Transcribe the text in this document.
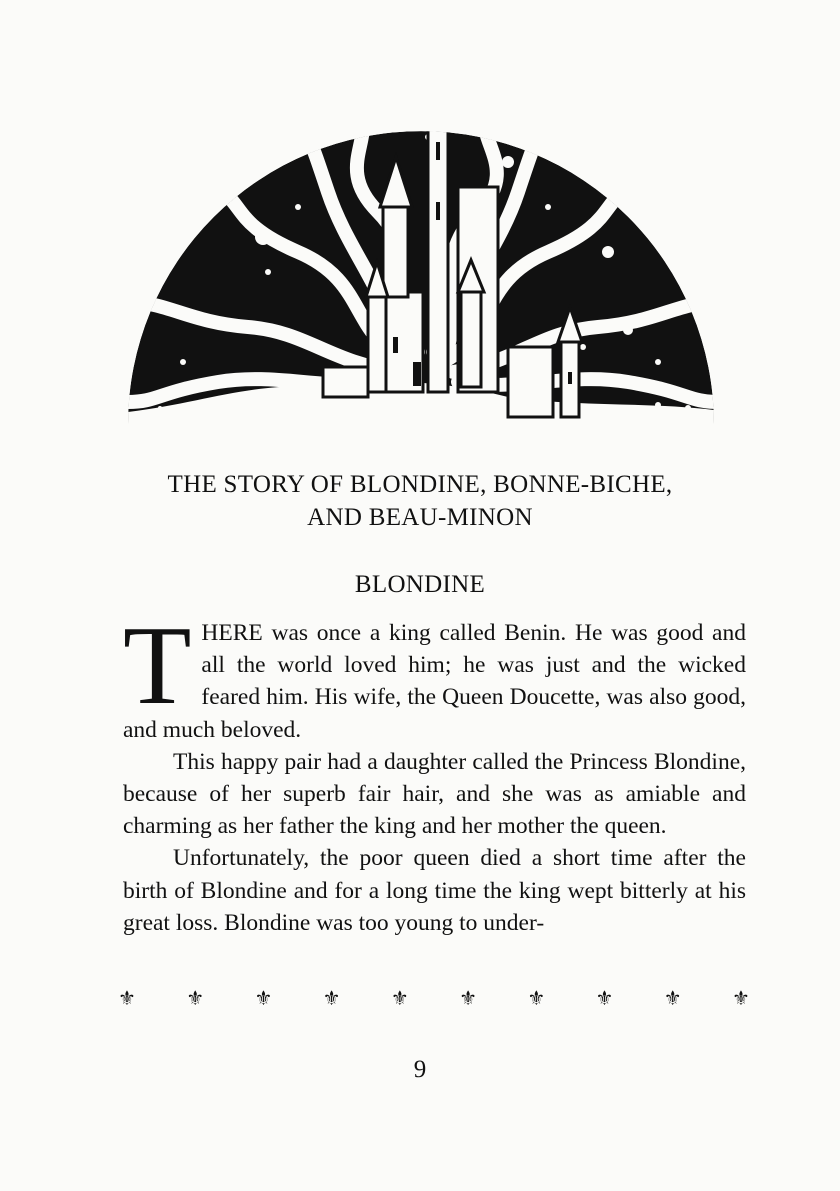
THE STORY OF BLONDINE, BONNE-BICHE,
AND BEAU-MINON
BLONDINE

THERE was once a king called Benin. He was good and all the world loved him; he was just and the wicked feared him. His wife, the Queen Doucette, was also good, and much beloved.

This happy pair had a daughter called the Princess Blondine, because of her superb fair hair, and she was as amiable and charming as her father the king and her mother the queen.

Unfortunately, the poor queen died a short time after the birth of Blondine and for a long time the king wept bitterly at his great loss. Blondine was too young to under-

⚜	⚜	⚜	⚜	⚜	⚜	⚜	⚜	⚜	⚜
9
